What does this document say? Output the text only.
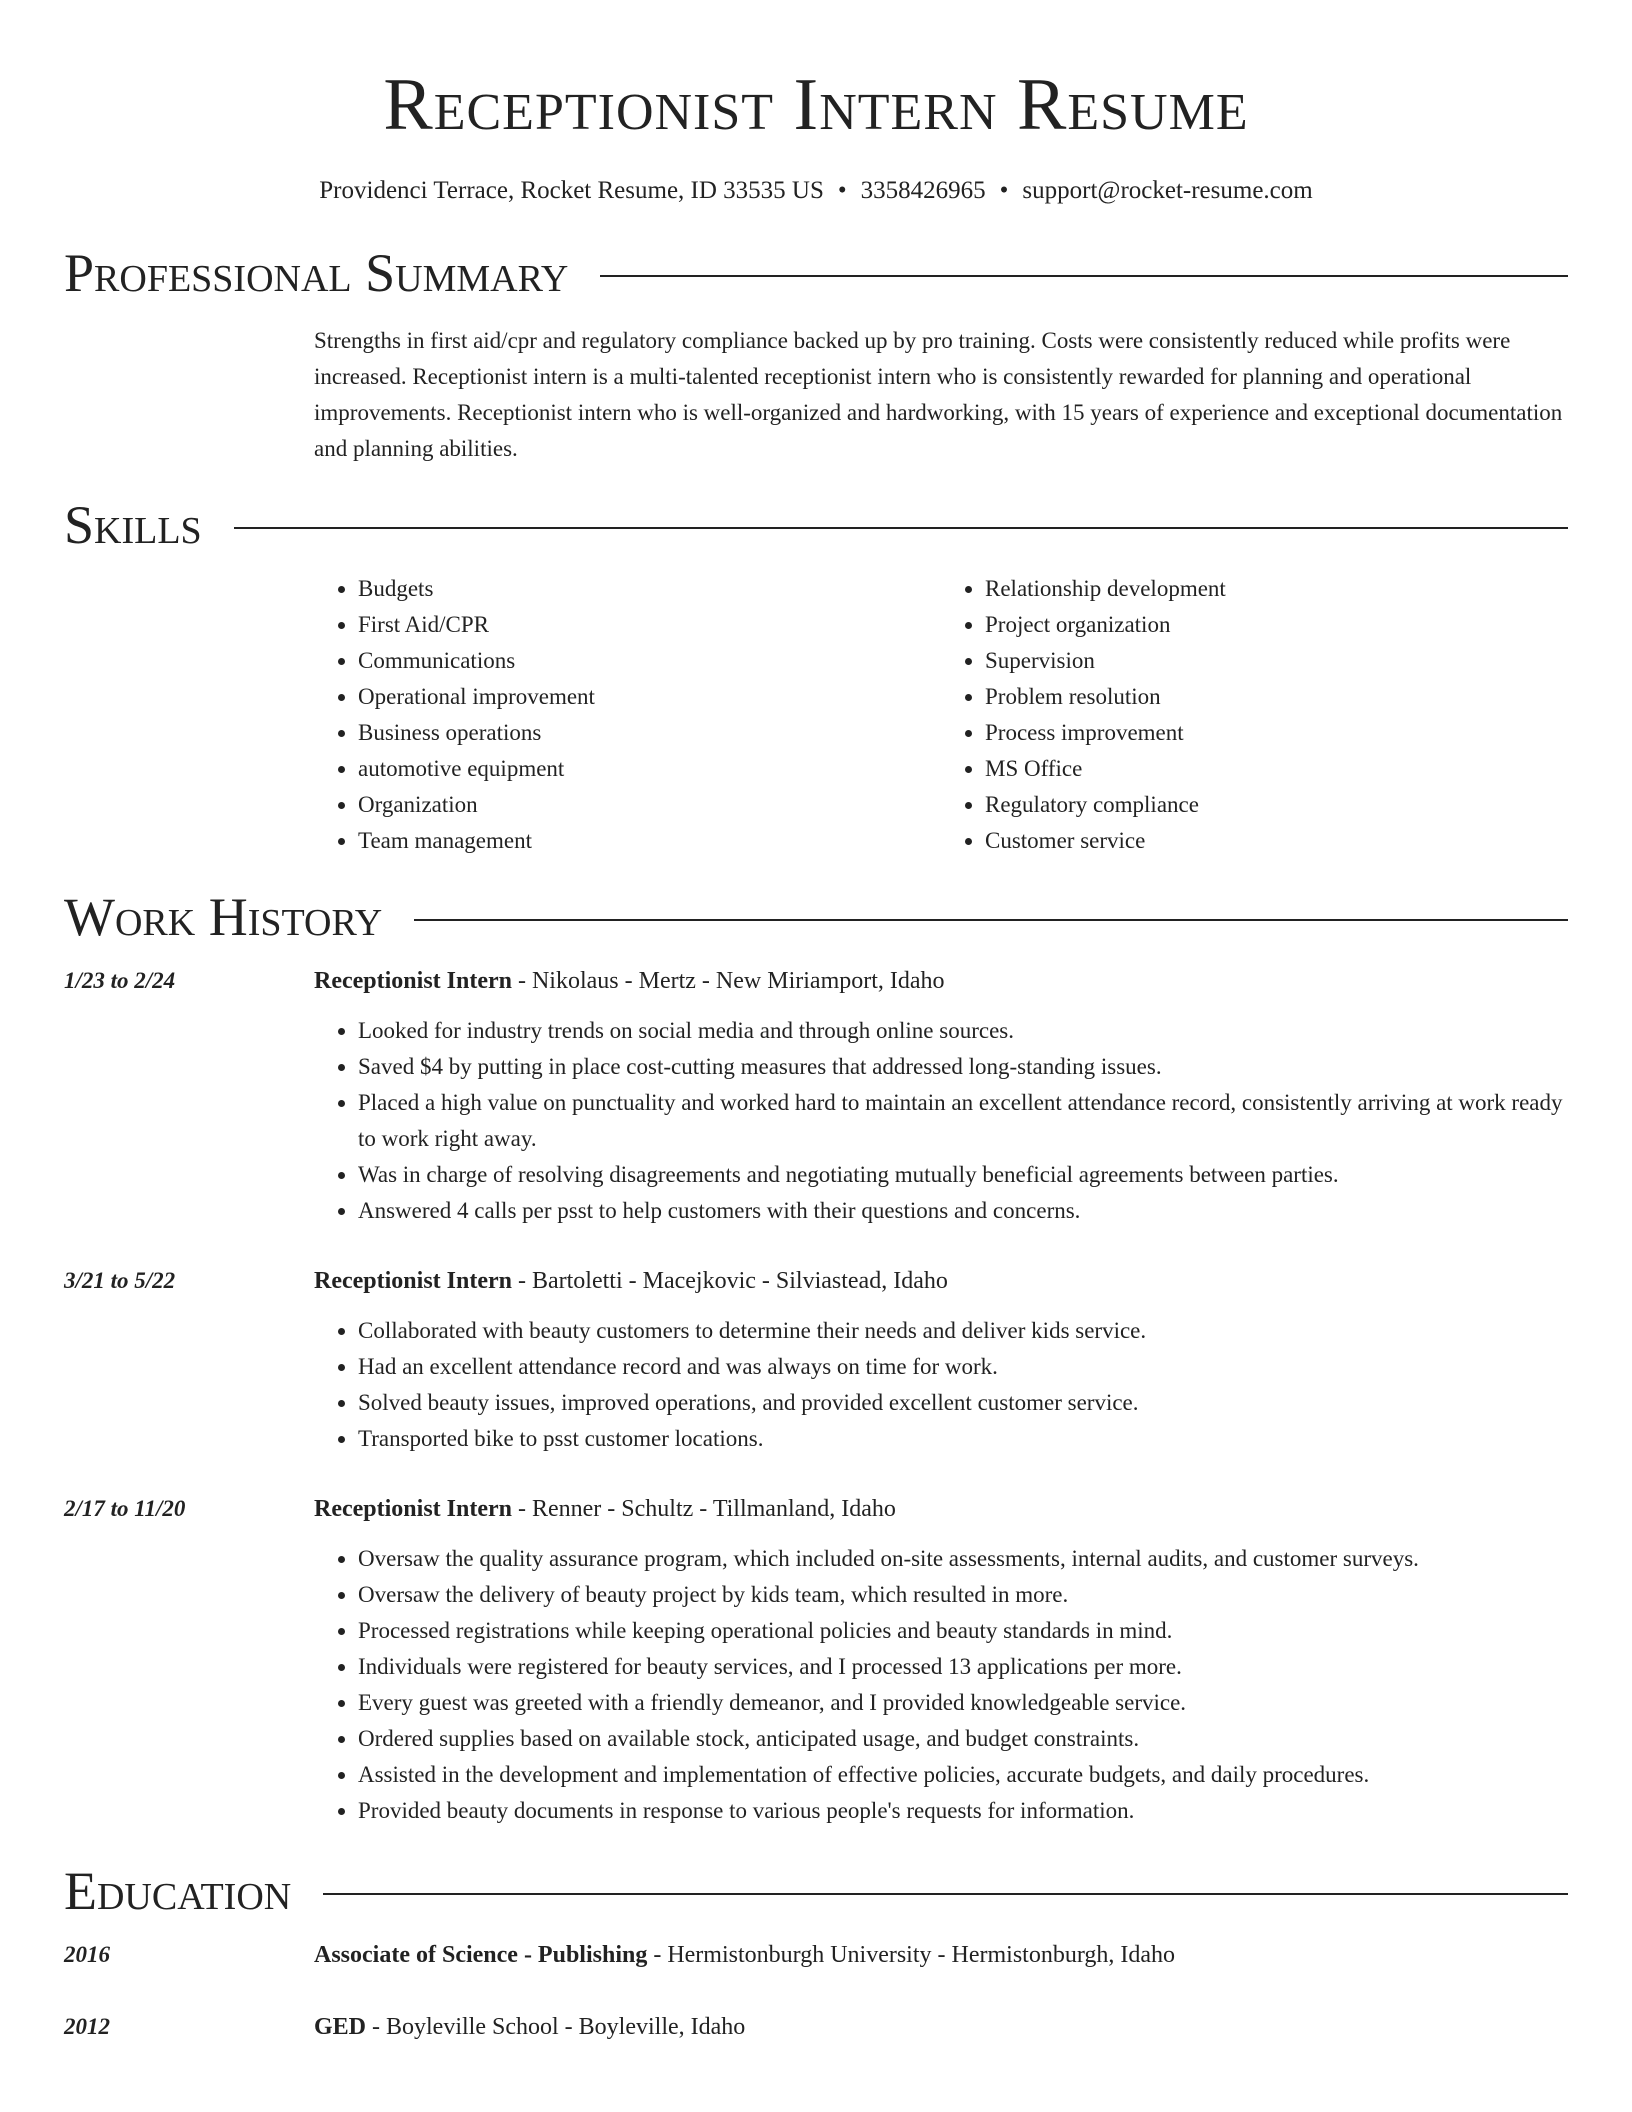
Receptionist Intern Resume
Providenci Terrace, Rocket Resume, ID 33535 US • 3358426965 • support@rocket-resume.com
Professional Summary
Strengths in first aid/cpr and regulatory compliance backed up by pro training. Costs were consistently reduced while profits were increased. Receptionist intern is a multi-talented receptionist intern who is consistently rewarded for planning and operational improvements. Receptionist intern who is well-organized and hardworking, with 15 years of experience and exceptional documentation and planning abilities.
Skills
• Budgets
• First Aid/CPR
• Communications
• Operational improvement
• Business operations
• automotive equipment
• Organization
• Team management
• Relationship development
• Project organization
• Supervision
• Problem resolution
• Process improvement
• MS Office
• Regulatory compliance
• Customer service
Work History
1/23 to 2/24	Receptionist Intern - Nikolaus - Mertz - New Miriamport, Idaho
• Looked for industry trends on social media and through online sources.
• Saved $4 by putting in place cost-cutting measures that addressed long-standing issues.
• Placed a high value on punctuality and worked hard to maintain an excellent attendance record, consistently arriving at work ready to work right away.
• Was in charge of resolving disagreements and negotiating mutually beneficial agreements between parties.
• Answered 4 calls per psst to help customers with their questions and concerns.
3/21 to 5/22	Receptionist Intern - Bartoletti - Macejkovic - Silviastead, Idaho
• Collaborated with beauty customers to determine their needs and deliver kids service.
• Had an excellent attendance record and was always on time for work.
• Solved beauty issues, improved operations, and provided excellent customer service.
• Transported bike to psst customer locations.
2/17 to 11/20	Receptionist Intern - Renner - Schultz - Tillmanland, Idaho
• Oversaw the quality assurance program, which included on-site assessments, internal audits, and customer surveys.
• Oversaw the delivery of beauty project by kids team, which resulted in more.
• Processed registrations while keeping operational policies and beauty standards in mind.
• Individuals were registered for beauty services, and I processed 13 applications per more.
• Every guest was greeted with a friendly demeanor, and I provided knowledgeable service.
• Ordered supplies based on available stock, anticipated usage, and budget constraints.
• Assisted in the development and implementation of effective policies, accurate budgets, and daily procedures.
• Provided beauty documents in response to various people's requests for information.
Education
2016	Associate of Science - Publishing - Hermistonburgh University - Hermistonburgh, Idaho
2012	GED - Boyleville School - Boyleville, Idaho
